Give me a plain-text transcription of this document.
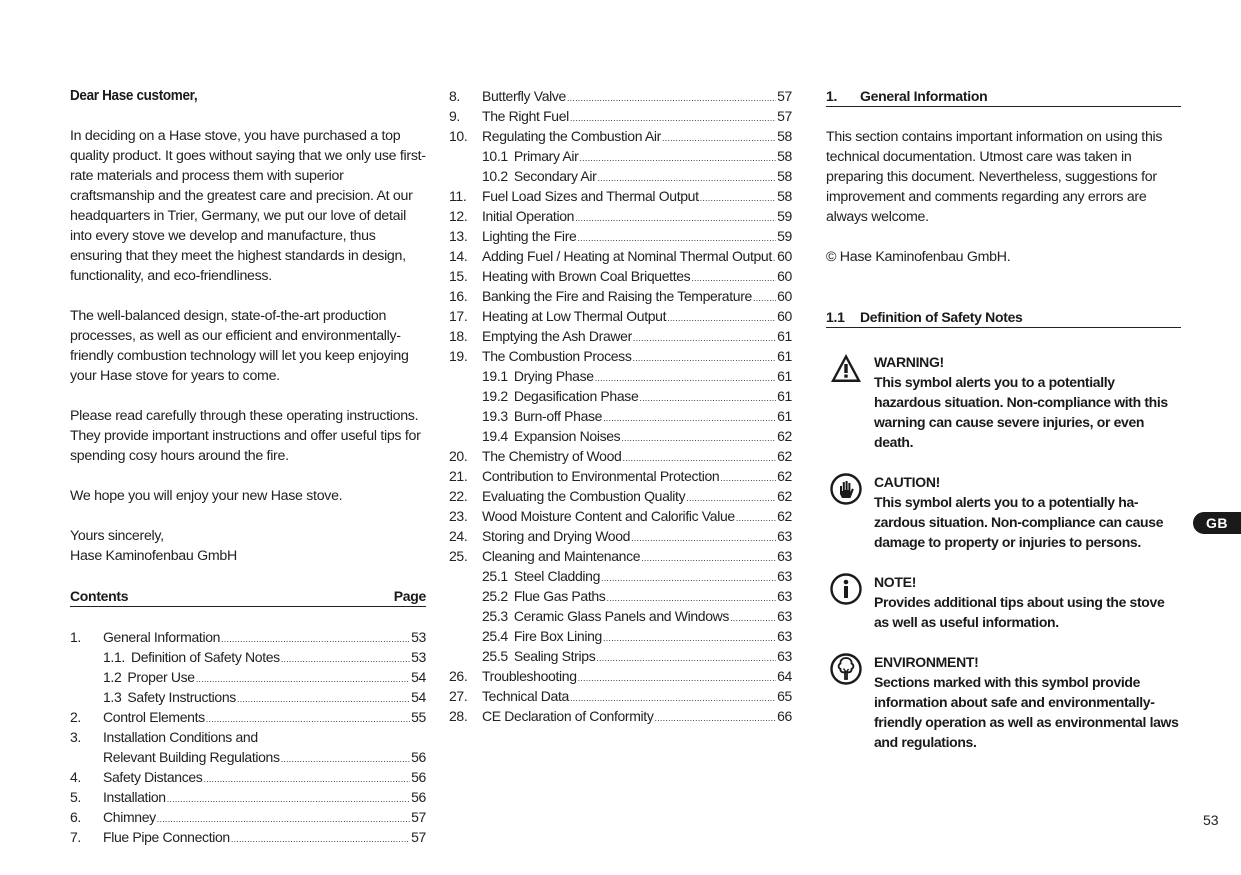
Dear Hase customer,

In deciding on a Hase stove, you have purchased a top quality product. It goes without saying that we only use first-rate materials and process them with superior craftsmanship and the greatest care and precision. At our headquarters in Trier, Germany, we put our love of detail into every stove we develop and manufacture, thus ensuring that they meet the highest standards in design, functionality, and eco-friendliness.

The well-balanced design, state-of-the-art production processes, as well as our efficient and environmentally-friendly combustion technology will let you keep enjoying your Hase stove for years to come.

Please read carefully through these operating instructions. They provide important instructions and offer useful tips for spending cosy hours around the fire.

We hope you will enjoy your new Hase stove.

Yours sincerely,

Hase Kaminofenbau GmbH

Contents	Page
1.	General Information .....	53
1.1. Definition of Safety Notes .....	53
1.2 Proper Use .....	54
1.3 Safety Instructions .....	54
2.	Control Elements .....	55
3.	Installation Conditions and
Relevant Building Regulations .....	56
4.	Safety Distances .....	56
5.	Installation .....	56
6.	Chimney .....	57
7.	Flue Pipe Connection .....	57
8.	Butterfly Valve .....	57
9.	The Right Fuel .....	57
10.	Regulating the Combustion Air .....	58
10.1 Primary Air .....	58
10.2 Secondary Air .....	58
11.	Fuel Load Sizes and Thermal Output .....	58
12.	Initial Operation .....	59
13.	Lighting the Fire .....	59
14.	Adding Fuel / Heating at Nominal Thermal Output ..... 60
15.	Heating with Brown Coal Briquettes .....	60
16.	Banking the Fire and Raising the Temperature ..... 60
17.	Heating at Low Thermal Output .....	60
18.	Emptying the Ash Drawer .....	61
19.	The Combustion Process .....	61
19.1 Drying Phase .....	61
19.2 Degasification Phase .....	61
19.3 Burn-off Phase .....	61
19.4 Expansion Noises .....	62
20.	The Chemistry of Wood .....	62
21.	Contribution to Environmental Protection .....	62
22.	Evaluating the Combustion Quality .....	62
23.	Wood Moisture Content and Calorific Value .....	62
24.	Storing and Drying Wood .....	63
25.	Cleaning and Maintenance .....	63
25.1 Steel Cladding .....	63
25.2 Flue Gas Paths .....	63
25.3 Ceramic Glass Panels and Windows .....	63
25.4 Fire Box Lining .....	63
25.5 Sealing Strips .....	63
26.	Troubleshooting .....	64
27.	Technical Data .....	65
28.	CE Declaration of Conformity .....	66
1.	General Information

This section contains important information on using this technical documentation. Utmost care was taken in preparing this document. Nevertheless, suggestions for improvement and comments regarding any errors are always welcome.

© Hase Kaminofenbau GmbH.

1.1	Definition of Safety Notes
WARNING!
This symbol alerts you to a potentially hazardous situation. Non-compliance with this warning can cause severe injuries, or even death.
CAUTION!
This symbol alerts you to a potentially ha-zardous situation. Non-compliance can cause damage to property or injuries to persons.
NOTE!
Provides additional tips about using the stove as well as useful information.
ENVIRONMENT!
Sections marked with this symbol provide information about safe and environmentally-friendly operation as well as environmental laws and regulations.
GB
53
